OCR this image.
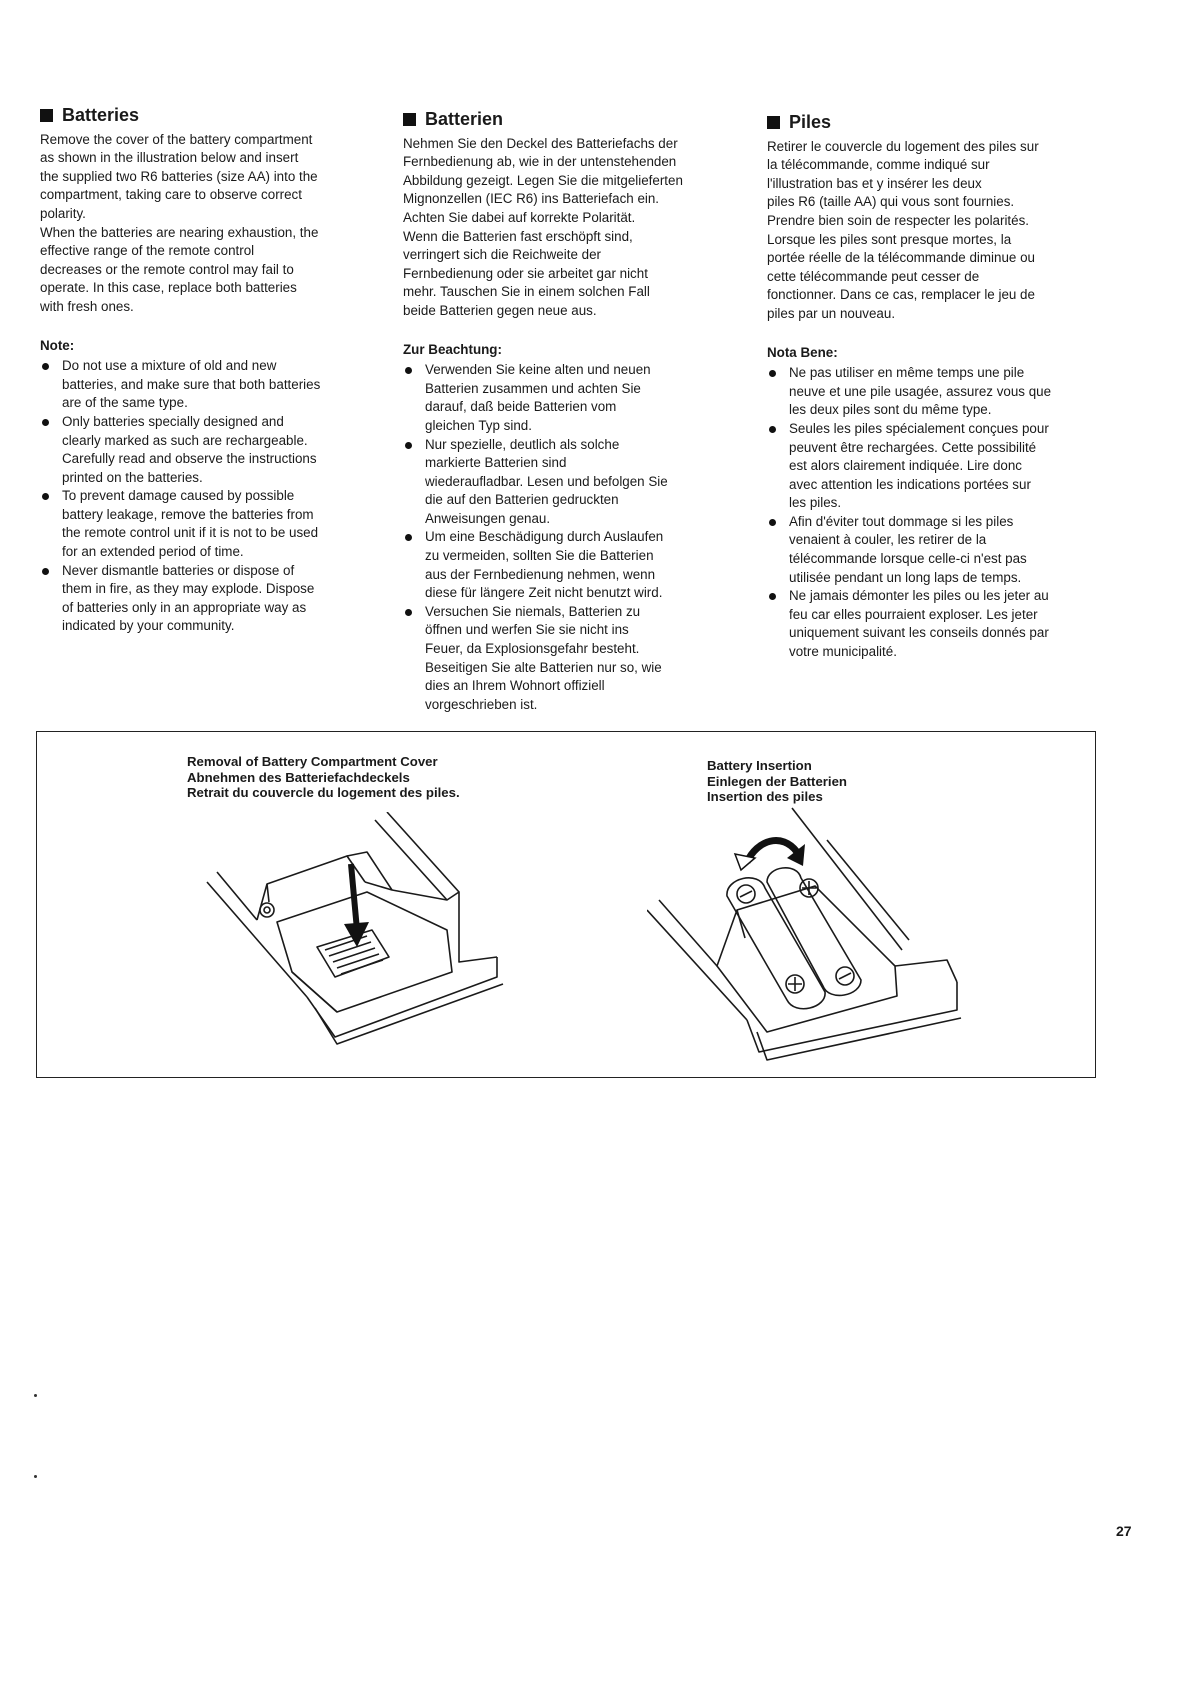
Batteries

Remove the cover of the battery compartment
as shown in the illustration below and insert
the supplied two R6 batteries (size AA) into the
compartment, taking care to observe correct
polarity.
When the batteries are nearing exhaustion, the
effective range of the remote control
decreases or the remote control may fail to
operate. In this case, replace both batteries
with fresh ones.

Note:
Do not use a mixture of old and new
batteries, and make sure that both batteries
are of the same type.
Only batteries specially designed and
clearly marked as such are rechargeable.
Carefully read and observe the instructions
printed on the batteries.
To prevent damage caused by possible
battery leakage, remove the batteries from
the remote control unit if it is not to be used
for an extended period of time.
Never dismantle batteries or dispose of
them in fire, as they may explode. Dispose
of batteries only in an appropriate way as
indicated by your community.
Batterien

Nehmen Sie den Deckel des Batteriefachs der
Fernbedienung ab, wie in der untenstehenden
Abbildung gezeigt. Legen Sie die mitgelieferten
Mignonzellen (IEC R6) ins Batteriefach ein.
Achten Sie dabei auf korrekte Polarität.
Wenn die Batterien fast erschöpft sind,
verringert sich die Reichweite der
Fernbedienung oder sie arbeitet gar nicht
mehr. Tauschen Sie in einem solchen Fall
beide Batterien gegen neue aus.

Zur Beachtung:
Verwenden Sie keine alten und neuen
Batterien zusammen und achten Sie
darauf, daß beide Batterien vom
gleichen Typ sind.
Nur spezielle, deutlich als solche
markierte Batterien sind
wiederaufladbar. Lesen und befolgen Sie
die auf den Batterien gedruckten
Anweisungen genau.
Um eine Beschädigung durch Auslaufen
zu vermeiden, sollten Sie die Batterien
aus der Fernbedienung nehmen, wenn
diese für längere Zeit nicht benutzt wird.
Versuchen Sie niemals, Batterien zu
öffnen und werfen Sie sie nicht ins
Feuer, da Explosionsgefahr besteht.
Beseitigen Sie alte Batterien nur so, wie
dies an Ihrem Wohnort offiziell
vorgeschrieben ist.
Piles

Retirer le couvercle du logement des piles sur
la télécommande, comme indiqué sur
l'illustration bas et y insérer les deux
piles R6 (taille AA) qui vous sont fournies.
Prendre bien soin de respecter les polarités.
Lorsque les piles sont presque mortes, la
portée réelle de la télécommande diminue ou
cette télécommande peut cesser de
fonctionner. Dans ce cas, remplacer le jeu de
piles par un nouveau.

Nota Bene:
Ne pas utiliser en même temps une pile
neuve et une pile usagée, assurez vous que
les deux piles sont du même type.
Seules les piles spécialement conçues pour
peuvent être rechargées. Cette possibilité
est alors clairement indiquée. Lire donc
avec attention les indications portées sur
les piles.
Afin d'éviter tout dommage si les piles
venaient à couler, les retirer de la
télécommande lorsque celle-ci n'est pas
utilisée pendant un long laps de temps.
Ne jamais démonter les piles ou les jeter au
feu car elles pourraient exploser. Les jeter
uniquement suivant les conseils donnés par
votre municipalité.
Removal of Battery Compartment Cover
Abnehmen des Batteriefachdeckels
Retrait du couvercle du logement des piles.
Battery Insertion
Einlegen der Batterien
Insertion des piles
27
